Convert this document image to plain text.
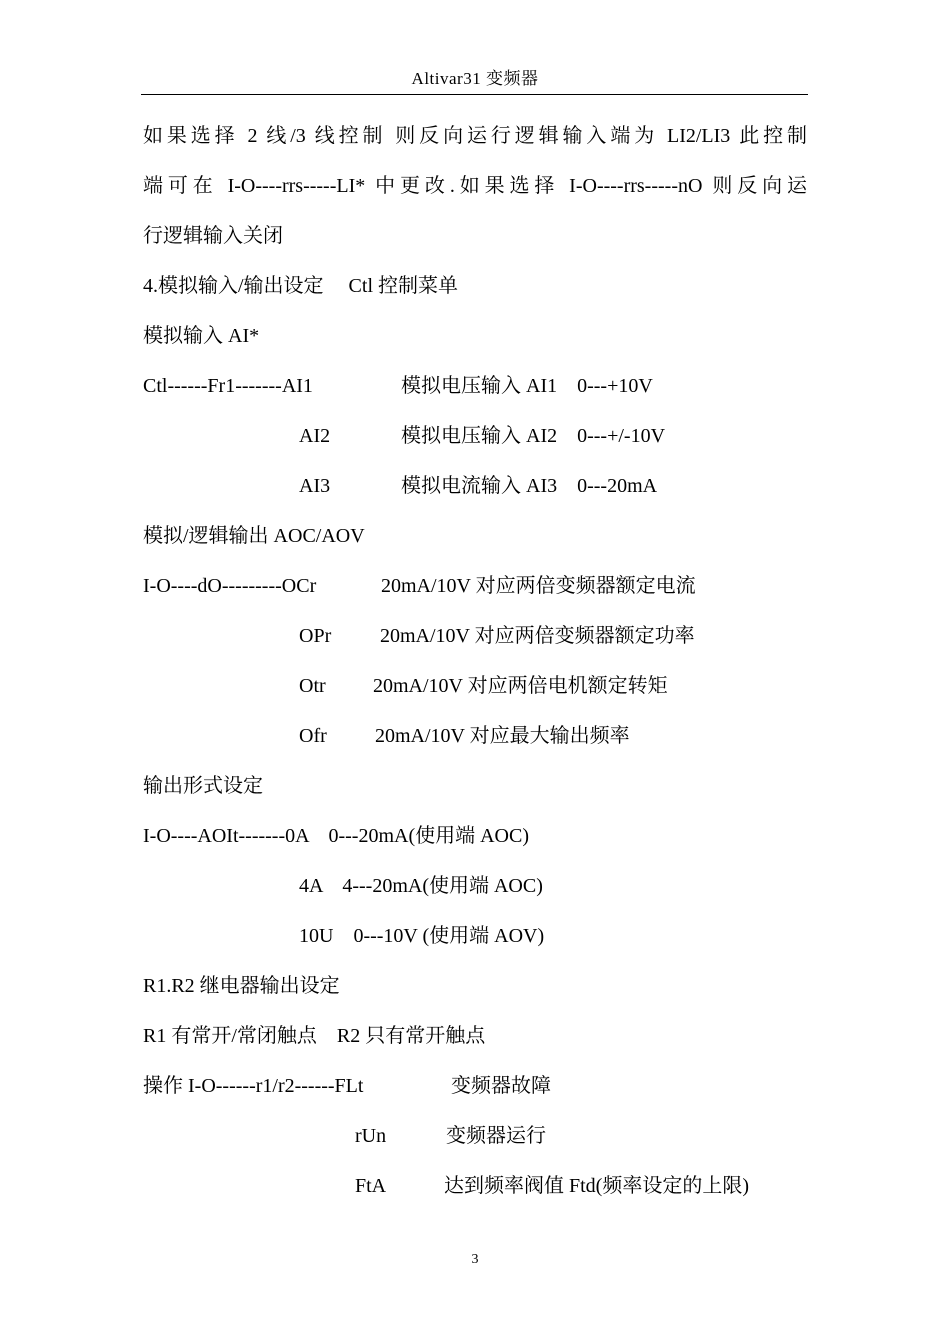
Altivar31 变频器
如果选择 2 线/3 线控制 则反向运行逻辑输入端为 LI2/LI3 此控制
端可在 I-O----rrs-----LI* 中更改.如果选择 I-O----rrs-----nO 则反向运
行逻辑输入关闭
4.模拟输入/输出设定　 Ctl 控制菜单
模拟输入 AI*
Ctl------Fr1-------AI1	模拟电压输入 AI1　0---+10V
AI2	模拟电压输入 AI2　0---+/-10V
AI3	模拟电流输入 AI3　0---20mA
模拟/逻辑输出 AOC/AOV
I-O----dO---------OCr	20mA/10V 对应两倍变频器额定电流
OPr 20mA/10V 对应两倍变频器额定功率
Otr 20mA/10V 对应两倍电机额定转矩
Ofr 20mA/10V 对应最大输出频率
输出形式设定
I-O----AOIt-------0A　0---20mA(使用端 AOC)
4A　4---20mA(使用端 AOC)
10U　0---10V (使用端 AOV)
R1.R2 继电器输出设定
R1 有常开/常闭触点　R2 只有常开触点
操作 I-O------r1/r2------FLt	变频器故障
rUn	变频器运行
FtA	达到频率阀值 Ftd(频率设定的上限)
3
